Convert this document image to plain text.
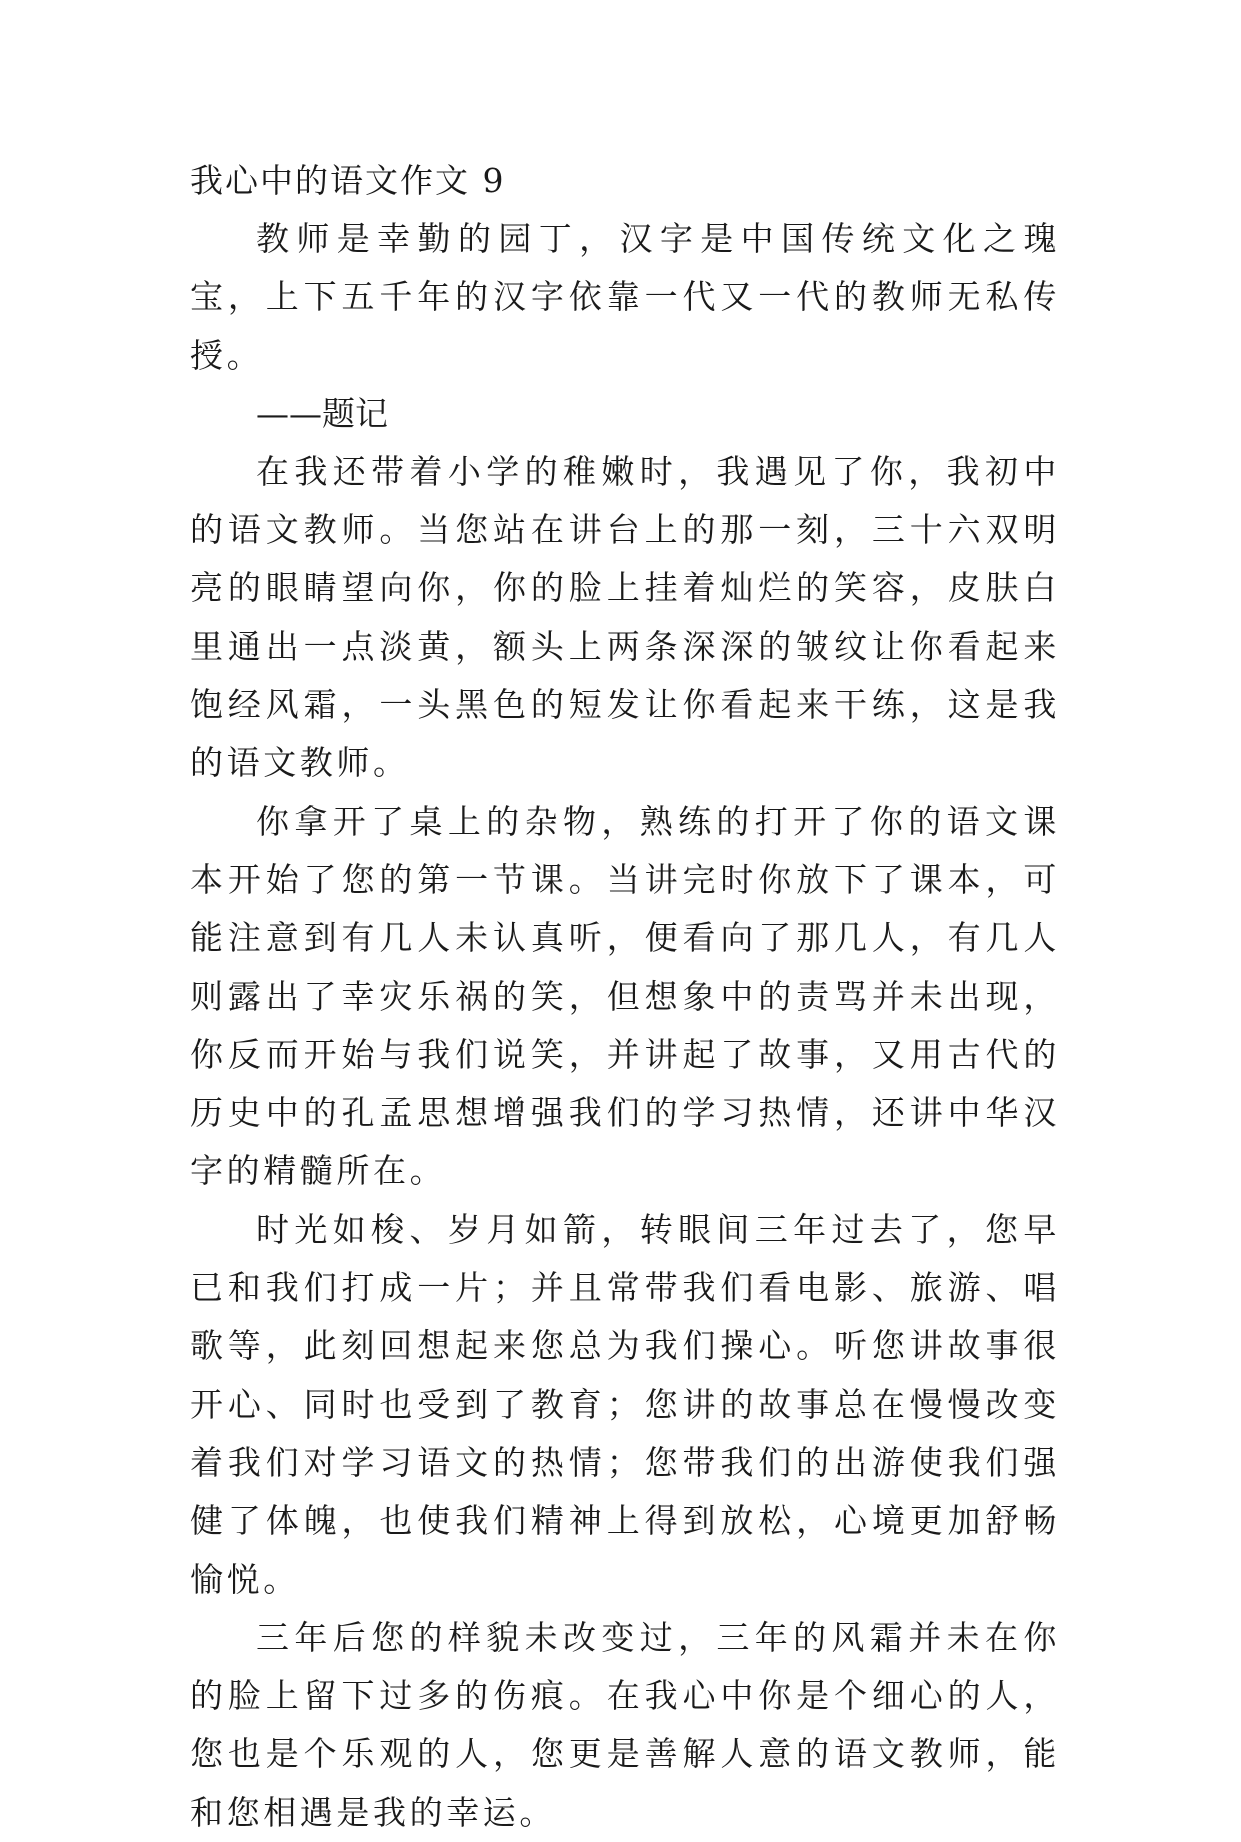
我心中的语文作文 9

教师是幸勤的园丁，汉字是中国传统文化之瑰宝，上下五千年的汉字依靠一代又一代的教师无私传授。

——题记

在我还带着小学的稚嫩时，我遇见了你，我初中的语文教师。当您站在讲台上的那一刻，三十六双明亮的眼睛望向你，你的脸上挂着灿烂的笑容，皮肤白里通出一点淡黄，额头上两条深深的皱纹让你看起来饱经风霜，一头黑色的短发让你看起来干练，这是我的语文教师。

你拿开了桌上的杂物，熟练的打开了你的语文课本开始了您的第一节课。当讲完时你放下了课本，可能注意到有几人未认真听，便看向了那几人，有几人则露出了幸灾乐祸的笑，但想象中的责骂并未出现，你反而开始与我们说笑，并讲起了故事，又用古代的历史中的孔孟思想增强我们的学习热情，还讲中华汉字的精髓所在。

时光如梭、岁月如箭，转眼间三年过去了，您早已和我们打成一片；并且常带我们看电影、旅游、唱歌等，此刻回想起来您总为我们操心。听您讲故事很开心、同时也受到了教育；您讲的故事总在慢慢改变着我们对学习语文的热情；您带我们的出游使我们强健了体魄，也使我们精神上得到放松，心境更加舒畅愉悦。

三年后您的样貌未改变过，三年的风霜并未在你的脸上留下过多的伤痕。在我心中你是个细心的人，您也是个乐观的人，您更是善解人意的语文教师，能和您相遇是我的幸运。
